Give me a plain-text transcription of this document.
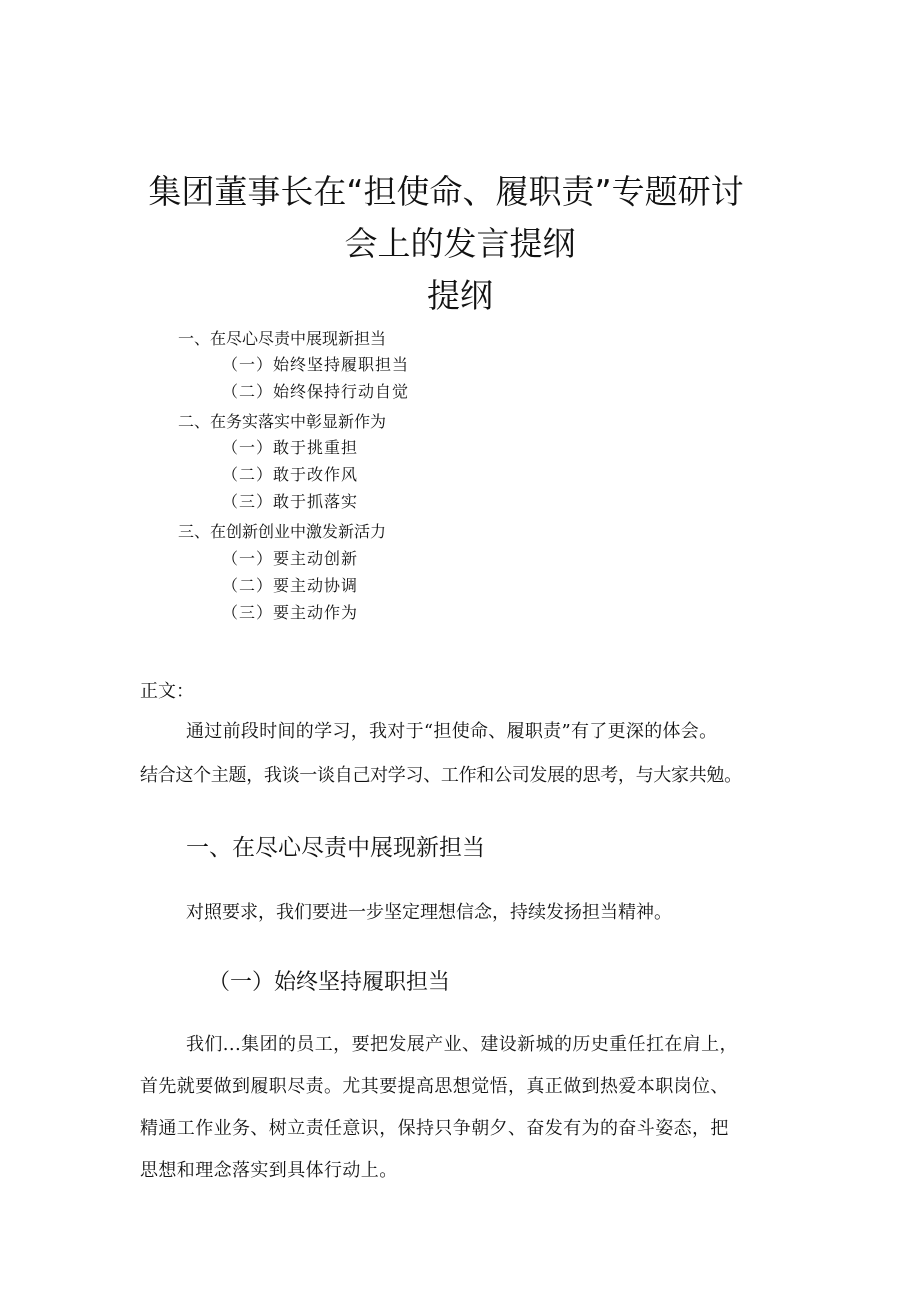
集团董事长在“担使命、履职责”专题研讨
会上的发言提纲
提纲
一、在尽心尽责中展现新担当
（一）始终坚持履职担当
（二）始终保持行动自觉
二、在务实落实中彰显新作为
（一）敢于挑重担
（二）敢于改作风
（三）敢于抓落实
三、在创新创业中激发新活力
（一）要主动创新
（二）要主动协调
（三）要主动作为
正文：
通过前段时间的学习，我对于“担使命、履职责”有了更深的体会。
结合这个主题，我谈一谈自己对学习、工作和公司发展的思考，与大家共勉。
一、在尽心尽责中展现新担当
对照要求，我们要进一步坚定理想信念，持续发扬担当精神。
（一）始终坚持履职担当
我们...集团的员工，要把发展产业、建设新城的历史重任扛在肩上，
首先就要做到履职尽责。尤其要提高思想觉悟，真正做到热爱本职岗位、
精通工作业务、树立责任意识，保持只争朝夕、奋发有为的奋斗姿态，把
思想和理念落实到具体行动上。
